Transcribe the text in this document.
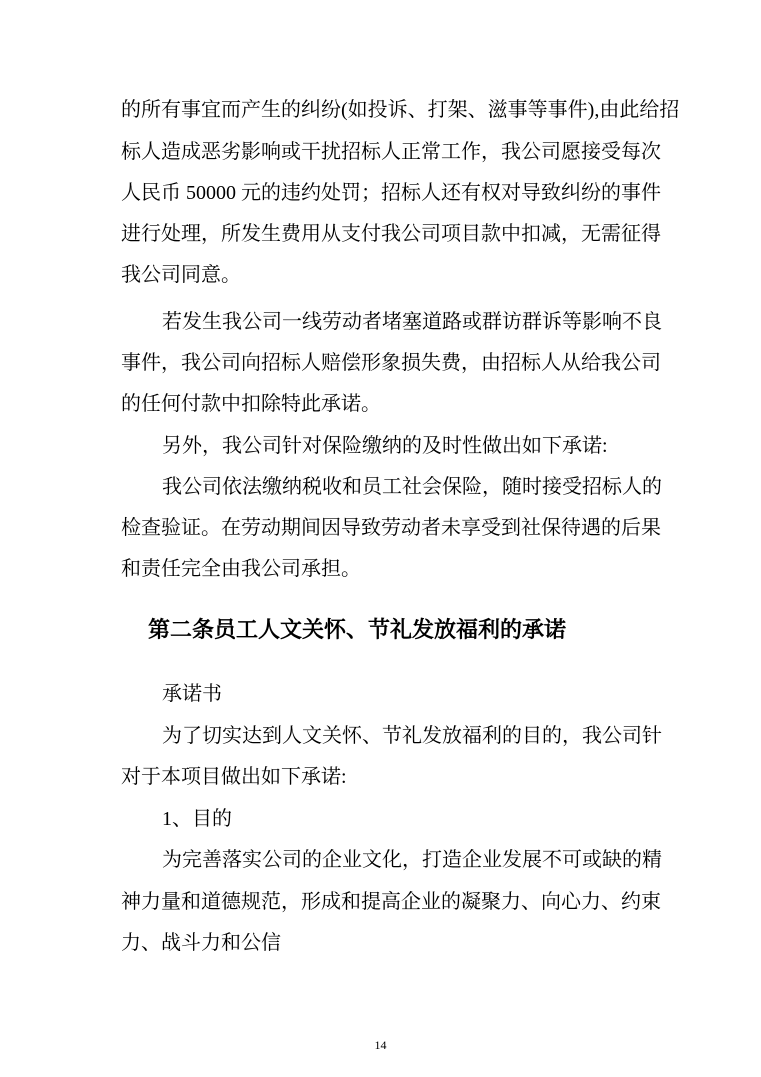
的所有事宜而产生的纠纷(如投诉、打架、滋事等事件),由此给招
标人造成恶劣影响或干扰招标人正常工作，我公司愿接受每次
人民币 50000 元的违约处罚；招标人还有权对导致纠纷的事件
进行处理，所发生费用从支付我公司项目款中扣减，无需征得
我公司同意。
若发生我公司一线劳动者堵塞道路或群访群诉等影响不良
事件，我公司向招标人赔偿形象损失费，由招标人从给我公司
的任何付款中扣除特此承诺。
另外，我公司针对保险缴纳的及时性做出如下承诺:
我公司依法缴纳税收和员工社会保险，随时接受招标人的
检查验证。在劳动期间因导致劳动者未享受到社保待遇的后果
和责任完全由我公司承担。
第二条员工人文关怀、节礼发放福利的承诺
承诺书
为了切实达到人文关怀、节礼发放福利的目的，我公司针
对于本项目做出如下承诺:
1、目的
为完善落实公司的企业文化，打造企业发展不可或缺的精
神力量和道德规范，形成和提高企业的凝聚力、向心力、约束
力、战斗力和公信
14
